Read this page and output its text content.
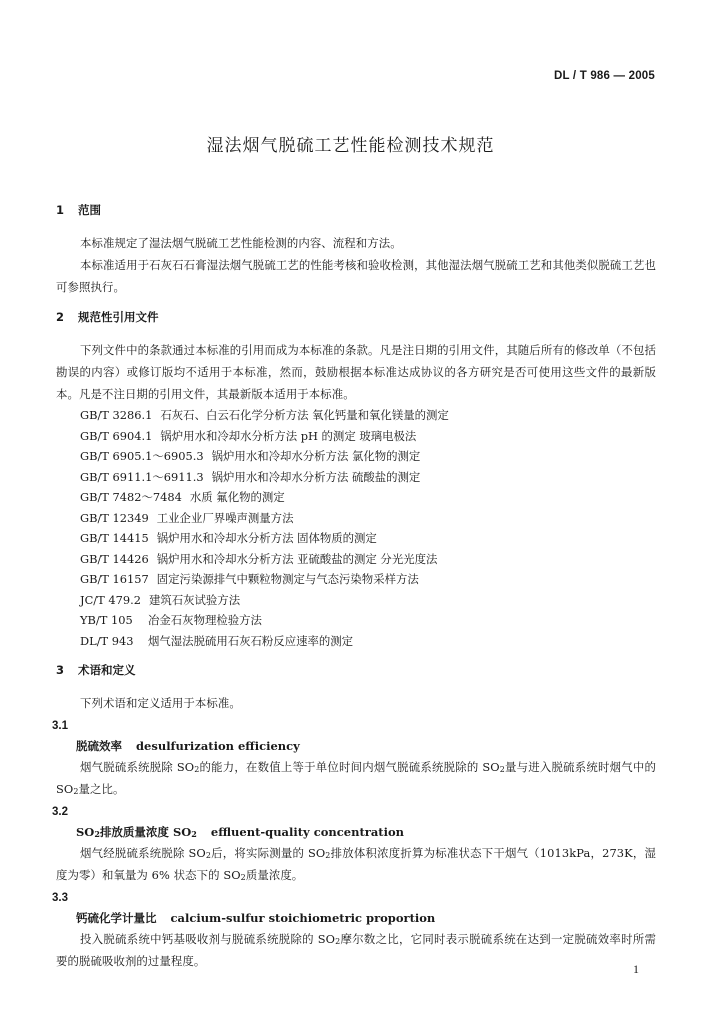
DL / T 986 — 2005
湿法烟气脱硫工艺性能检测技术规范
1 范围

本标准规定了湿法烟气脱硫工艺性能检测的内容、流程和方法。

本标准适用于石灰石石膏湿法烟气脱硫工艺的性能考核和验收检测，其他湿法烟气脱硫工艺和其他类似脱硫工艺也可参照执行。

2 规范性引用文件

下列文件中的条款通过本标准的引用而成为本标准的条款。凡是注日期的引用文件，其随后所有的修改单（不包括勘误的内容）或修订版均不适用于本标准，然而，鼓励根据本标准达成协议的各方研究是否可使用这些文件的最新版本。凡是不注日期的引用文件，其最新版本适用于本标准。

GB/T 3286.1 石灰石、白云石化学分析方法 氧化钙量和氧化镁量的测定
GB/T 6904.1 锅炉用水和冷却水分析方法 pH 的测定 玻璃电极法
GB/T 6905.1～6905.3 锅炉用水和冷却水分析方法 氯化物的测定
GB/T 6911.1～6911.3 锅炉用水和冷却水分析方法 硫酸盐的测定
GB/T 7482～7484 水质 氟化物的测定
GB/T 12349 工业企业厂界噪声测量方法
GB/T 14415 锅炉用水和冷却水分析方法 固体物质的测定
GB/T 14426 锅炉用水和冷却水分析方法 亚硫酸盐的测定 分光光度法
GB/T 16157 固定污染源排气中颗粒物测定与气态污染物采样方法
JC/T 479.2 建筑石灰试验方法
YB/T 105 冶金石灰物理检验方法
DL/T 943 烟气湿法脱硫用石灰石粉反应速率的测定
3 术语和定义

下列术语和定义适用于本标准。

3.1
脱硫效率 desulfurization efficiency

烟气脱硫系统脱除 $SO_2$的能力，在数值上等于单位时间内烟气脱硫系统脱除的 $SO_2$量与进入脱硫系统时烟气中的 $SO_2$量之比。

3.2
$SO_2$排放质量浓度 $SO_2$ effluent-quality concentration

烟气经脱硫系统脱除 $SO_2$后，将实际测量的 $SO_2$排放体积浓度折算为标准状态下干烟气（1013kPa，273K，湿度为零）和氧量为 6% 状态下的 $SO_2$质量浓度。

3.3
钙硫化学计量比 calcium-sulfur stoichiometric proportion

投入脱硫系统中钙基吸收剂与脱硫系统脱除的 $SO_2$摩尔数之比，它同时表示脱硫系统在达到一定脱硫效率时所需要的脱硫吸收剂的过量程度。

1
